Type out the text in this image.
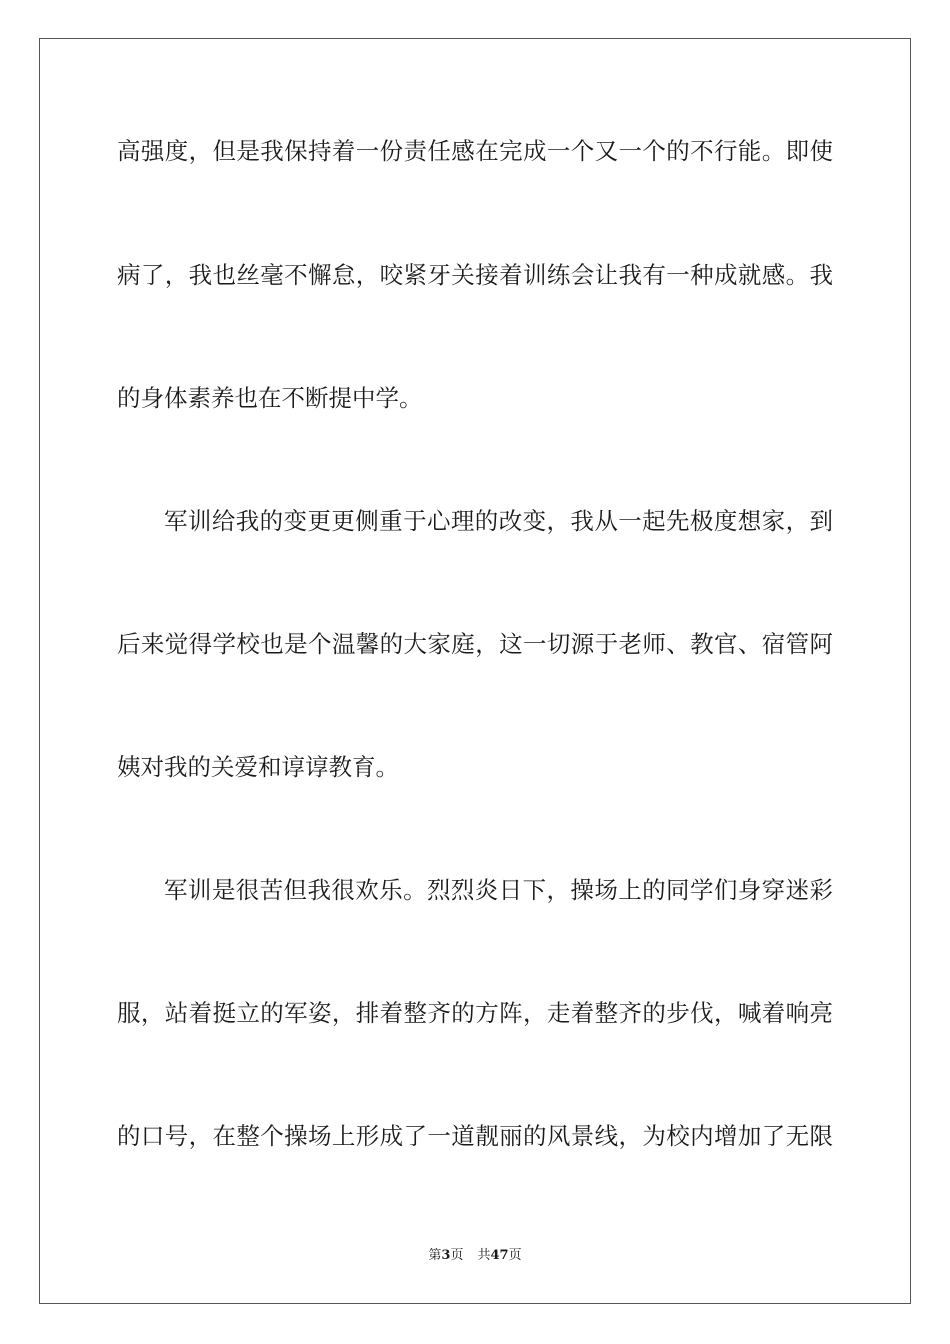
高强度，但是我保持着一份责任感在完成一个又一个的不行能。即使
病了，我也丝毫不懈怠，咬紧牙关接着训练会让我有一种成就感。我
的身体素养也在不断提中学。
军训给我的变更更侧重于心理的改变，我从一起先极度想家，到
后来觉得学校也是个温馨的大家庭，这一切源于老师、教官、宿管阿
姨对我的关爱和谆谆教育。
军训是很苦但我很欢乐。烈烈炎日下，操场上的同学们身穿迷彩
服，站着挺立的军姿，排着整齐的方阵，走着整齐的步伐，喊着响亮
的口号，在整个操场上形成了一道靓丽的风景线，为校内增加了无限
第3页 共47页
